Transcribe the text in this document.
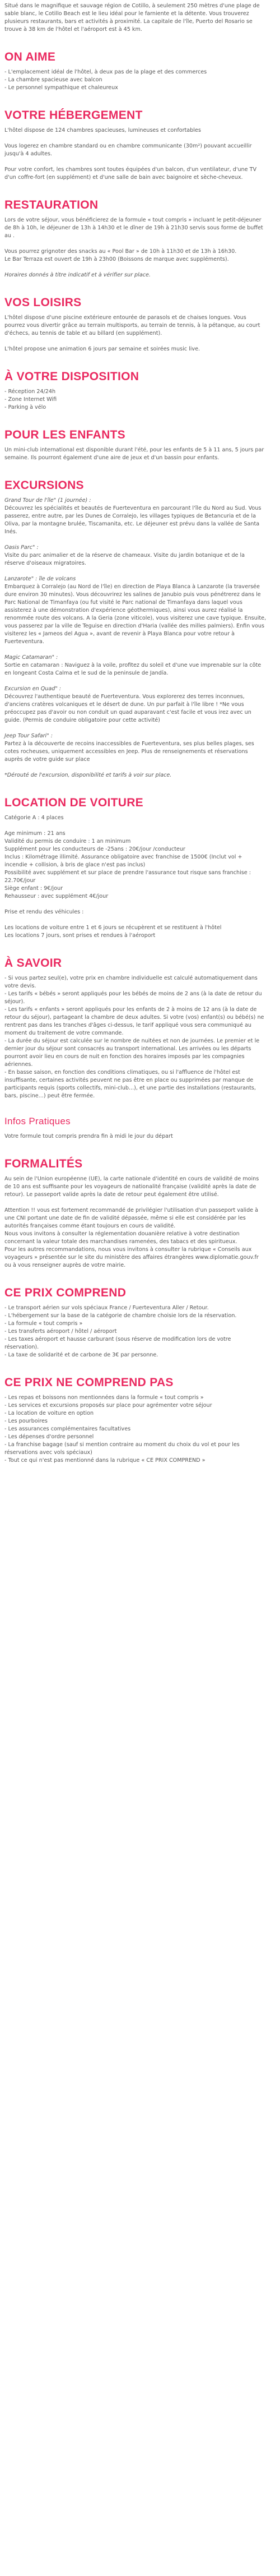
Situé dans le magnifique et sauvage région de Cotillo, à seulement 250 mètres d'une plage de sable blanc, le Cotillo Beach est le lieu idéal pour le farniente et la détente. Vous trouverez plusieurs restaurants, bars et activités à proximité. La capitale de l'île, Puerto del Rosario se trouve à 38 km de l'hôtel et l'aéroport est à 45 km.

ON AIME
- L'emplacement idéal de l'hôtel, à deux pas de la plage et des commerces
- La chambre spacieuse avec balcon
- Le personnel sympathique et chaleureux
VOTRE HÉBERGEMENT

L'hôtel dispose de 124 chambres spacieuses, lumineuses et confortables

Vous logerez en chambre standard ou en chambre communicante (30m²) pouvant accueillir jusqu'à 4 adultes.

Pour votre confort, les chambres sont toutes équipées d'un balcon, d'un ventilateur, d'une TV d'un coffre-fort (en supplément) et d'une salle de bain avec baignoire et sèche-cheveux.

RESTAURATION

Lors de votre séjour, vous bénéficierez de la formule « tout compris » incluant le petit-déjeuner de 8h à 10h, le déjeuner de 13h à 14h30 et le dîner de 19h à 21h30 servis sous forme de buffet au .

Vous pourrez grignoter des snacks au « Pool Bar » de 10h à 11h30 et de 13h à 16h30.

Le Bar Terraza est ouvert de 19h à 23h00 (Boissons de marque avec suppléments).

Horaires donnés à titre indicatif et à vérifier sur place.

VOS LOISIRS

L'hôtel dispose d'une piscine extérieure entourée de parasols et de chaises longues. Vous pourrez vous divertir grâce au terrain multisports, au terrain de tennis, à la pétanque, au court d'échecs, au tennis de table et au billard (en supplément).

L'hôtel propose une animation 6 jours par semaine et soirées music live.

À VOTRE DISPOSITION
- Réception 24/24h
- Zone Internet Wifi
- Parking à vélo
POUR LES ENFANTS

Un mini-club international est disponible durant l'été, pour les enfants de 5 à 11 ans, 5 jours par semaine. Ils pourront également d'une aire de jeux et d'un bassin pour enfants.

EXCURSIONS
Grand Tour de l'île" (1 journée) :
Découvrez les spécialités et beautés de Fuerteventura en parcourant l'île du Nord au Sud. Vous passerez, entre autre, par les Dunes de Corralejo, les villages typiques de Betancuria et de la Oliva, par la montagne brulée, Tiscamanita, etc. Le déjeuner est prévu dans la vallée de Santa Inés.
Oasis Parc" :
Visite du parc animalier et de la réserve de chameaux. Visite du jardin botanique et de la réserve d'oiseaux migratoires.
Lanzarote" : île de volcans
Embarquez à Corralejo (au Nord de l'île) en direction de Playa Blanca à Lanzarote (la traversée dure environ 30 minutes). Vous découvrirez les salines de Janubio puis vous pénétrerez dans le Parc National de Timanfaya (ou fut visité le Parc national de Timanfaya dans laquel vous assisterez à une démonstration d'expérience géothermiques), ainsi vous aurez réalisé la renommée route des volcans. A la Geria (zone viticole), vous visiterez une cave typique. Ensuite, vous passerez par la ville de Teguise en direction d'Haria (vallée des milles palmiers). Enfin vous visiterez les « Jameos del Agua », avant de revenir à Playa Blanca pour votre retour à Fuerteventura.
Magic Catamaran" :
Sortie en catamaran : Naviguez à la voile, profitez du soleil et d'une vue imprenable sur la côte en longeant Costa Calma et le sud de la peninsule de Jandía.
Excursion en Quad" :
Découvrez l'authentique beauté de Fuerteventura. Vous explorerez des terres inconnues, d'anciens cratères volcaniques et le désert de dune. Un pur parfait à l'île libre ! *Ne vous préoccupez pas d'avoir ou non conduit un quad auparavant c'est facile et vous irez avec un guide. (Permis de conduire obligatoire pour cette activité)
Jeep Tour Safari" :
Partez à la découverte de recoins inaccessibles de Fuerteventura, ses plus belles plages, ses cotes rocheuses, uniquement accessibles en Jeep. Plus de renseignements et réservations auprès de votre guide sur place

*Dérouté de l'excursion, disponibilité et tarifs à voir sur place.

LOCATION DE VOITURE
Catégorie A : 4 places
Age minimum : 21 ans
Validité du permis de conduire : 1 an minimum
Supplément pour les conducteurs de -25ans : 20€/jour /conducteur
Inclus : Kilométrage illimité. Assurance obligatoire avec franchise de 1500€ (Inclut vol + incendie + collision, à bris de glace n'est pas inclus)
Possibilité avec supplément et sur place de prendre l'assurance tout risque sans franchise : 22.70€/jour
Siège enfant : 9€/jour
Rehausseur : avec supplément 4€/jour
Prise et rendu des véhicules :
Les locations de voiture entre 1 et 6 jours se récupèrent et se restituent à l'hôtel
Les locations 7 jours, sont prises et rendues à l'aéroport
À SAVOIR
- Si vous partez seul(e), votre prix en chambre individuelle est calculé automatiquement dans votre devis.
- Les tarifs « bébés » seront appliqués pour les bébés de moins de 2 ans (à la date de retour du séjour).
- Les tarifs « enfants » seront appliqués pour les enfants de 2 à moins de 12 ans (à la date de retour du séjour), partageant la chambre de deux adultes. Si votre (vos) enfant(s) ou bébé(s) ne rentrent pas dans les tranches d'âges ci-dessus, le tarif appliqué vous sera communiqué au moment du traitement de votre commande.
- La durée du séjour est calculée sur le nombre de nuitées et non de journées. Le premier et le dernier jour du séjour sont consacrés au transport international. Les arrivées ou les départs pourront avoir lieu en cours de nuit en fonction des horaires imposés par les compagnies aériennes.
- En basse saison, en fonction des conditions climatiques, ou si l'affluence de l'hôtel est insuffisante, certaines activités peuvent ne pas être en place ou supprimées par manque de participants requis (sports collectifs, mini-club...), et une partie des installations (restaurants, bars, piscine...) peut être fermée.
Infos Pratiques

Votre formule tout compris prendra fin à midi le jour du départ

FORMALITÉS

Au sein de l'Union européenne (UE), la carte nationale d'identité en cours de validité de moins de 10 ans est suffisante pour les voyageurs de nationalité française (validité après la date de retour). Le passeport valide après la date de retour peut également être utilisé.

Attention !! vous est fortement recommandé de privilégier l'utilisation d'un passeport valide à une CNI portant une date de fin de validité dépassée, même si elle est considérée par les autorités françaises comme étant toujours en cours de validité.

Nous vous invitons à consulter la réglementation douanière relative à votre destination concernant la valeur totale des marchandises ramenées, des tabacs et des spiritueux.

Pour les autres recommandations, nous vous invitons à consulter la rubrique « Conseils aux voyageurs » présentée sur le site du ministère des affaires étrangères www.diplomatie.gouv.fr ou à vous renseigner auprès de votre mairie.

CE PRIX COMPREND
- Le transport aérien sur vols spéciaux France / Fuerteventura Aller / Retour.
- L'hébergement sur la base de la catégorie de chambre choisie lors de la réservation.
- La formule « tout compris »
- Les transferts aéroport / hôtel / aéroport
- Les taxes aéroport et hausse carburant (sous réserve de modification lors de votre réservation).
- La taxe de solidarité et de carbone de 3€ par personne.
CE PRIX NE COMPREND PAS
- Les repas et boissons non mentionnées dans la formule « tout compris »
- Les services et excursions proposés sur place pour agrémenter votre séjour
- La location de voiture en option
- Les pourboires
- Les assurances complémentaires facultatives
- Les dépenses d'ordre personnel
- La franchise bagage (sauf si mention contraire au moment du choix du vol et pour les réservations avec vols spéciaux)
- Tout ce qui n'est pas mentionné dans la rubrique « CE PRIX COMPREND »
